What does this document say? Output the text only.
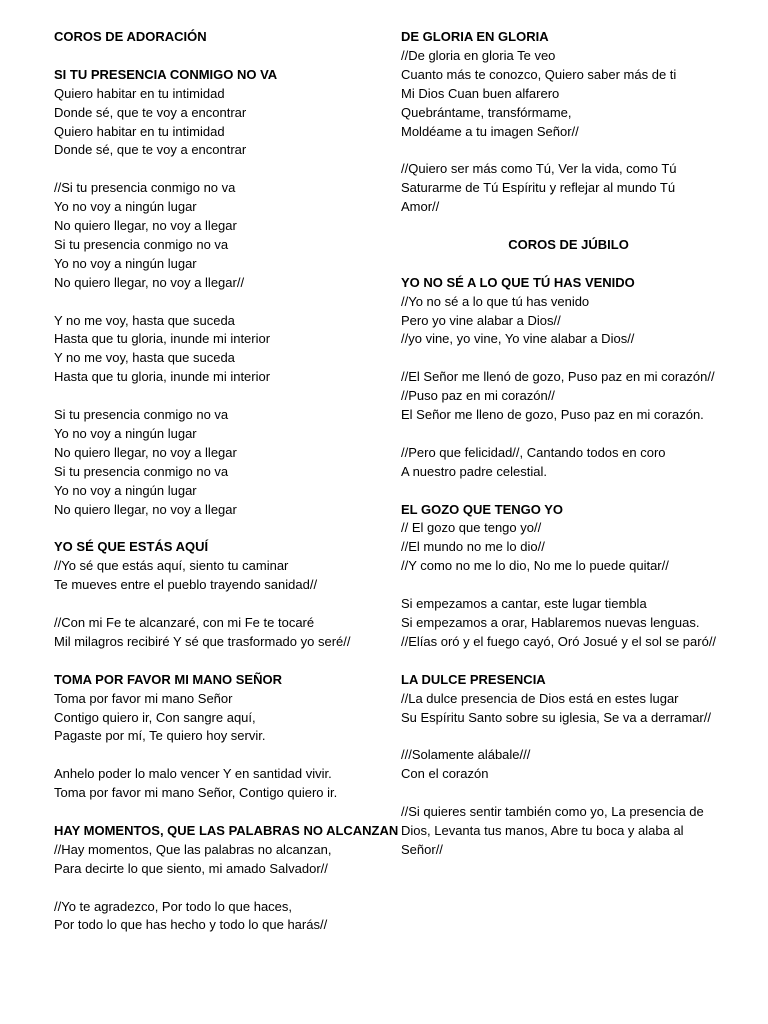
COROS DE ADORACIÓN
SI TU PRESENCIA CONMIGO NO VA
Quiero habitar en tu intimidad
Donde sé, que te voy a encontrar
Quiero habitar en tu intimidad
Donde sé, que te voy a encontrar
//Si tu presencia conmigo no va
Yo no voy a ningún lugar
No quiero llegar, no voy a llegar
Si tu presencia conmigo no va
Yo no voy a ningún lugar
No quiero llegar, no voy a llegar//
Y no me voy, hasta que suceda
Hasta que tu gloria, inunde mi interior
Y no me voy, hasta que suceda
Hasta que tu gloria, inunde mi interior
Si tu presencia conmigo no va
Yo no voy a ningún lugar
No quiero llegar, no voy a llegar
Si tu presencia conmigo no va
Yo no voy a ningún lugar
No quiero llegar, no voy a llegar
YO SÉ QUE ESTÁS AQUÍ
//Yo sé que estás aquí, siento tu caminar
Te mueves entre el pueblo trayendo sanidad//
//Con mi Fe te alcanzaré, con mi Fe te tocaré
Mil milagros recibiré Y sé que trasformado yo seré//
TOMA POR FAVOR MI MANO SEÑOR
Toma por favor mi mano Señor
Contigo quiero ir, Con sangre aquí,
Pagaste por mí, Te quiero hoy servir.
Anhelo poder lo malo vencer Y en santidad vivir.
Toma por favor mi mano Señor, Contigo quiero ir.
HAY MOMENTOS, QUE LAS PALABRAS NO ALCANZAN
//Hay momentos, Que las palabras no alcanzan,
Para decirte lo que siento, mi amado Salvador//
//Yo te agradezco, Por todo lo que haces,
Por todo lo que has hecho y todo lo que harás//
DE GLORIA EN GLORIA
//De gloria en gloria Te veo
Cuanto más te conozco, Quiero saber más de ti
Mi Dios Cuan buen alfarero
Quebrántame, transfórmame,
Moldéame a tu imagen Señor//
//Quiero ser más como Tú, Ver la vida, como Tú
Saturarme de Tú Espíritu y reflejar al mundo Tú
Amor//
COROS DE JÚBILO
YO NO SÉ A LO QUE TÚ HAS VENIDO
//Yo no sé a lo que tú has venido
Pero yo vine alabar a Dios//
//yo vine, yo vine, Yo vine alabar a Dios//
//El Señor me llenó de gozo, Puso paz en mi corazón//
//Puso paz en mi corazón//
El Señor me lleno de gozo, Puso paz en mi corazón.
//Pero que felicidad//, Cantando todos en coro
A nuestro padre celestial.
EL GOZO QUE TENGO YO
// El gozo que tengo yo//
//El mundo no me lo dio//
//Y como no me lo dio, No me lo puede quitar//
Si empezamos a cantar, este lugar tiembla
Si empezamos a orar, Hablaremos nuevas lenguas.
//Elías oró y el fuego cayó, Oró Josué y el sol se paró//
LA DULCE PRESENCIA
//La dulce presencia de Dios está en estes lugar
Su Espíritu Santo sobre su iglesia, Se va a derramar//
///Solamente alábale///
Con el corazón
//Si quieres sentir también como yo, La presencia de
Dios, Levanta tus manos, Abre tu boca y alaba al
Señor//
